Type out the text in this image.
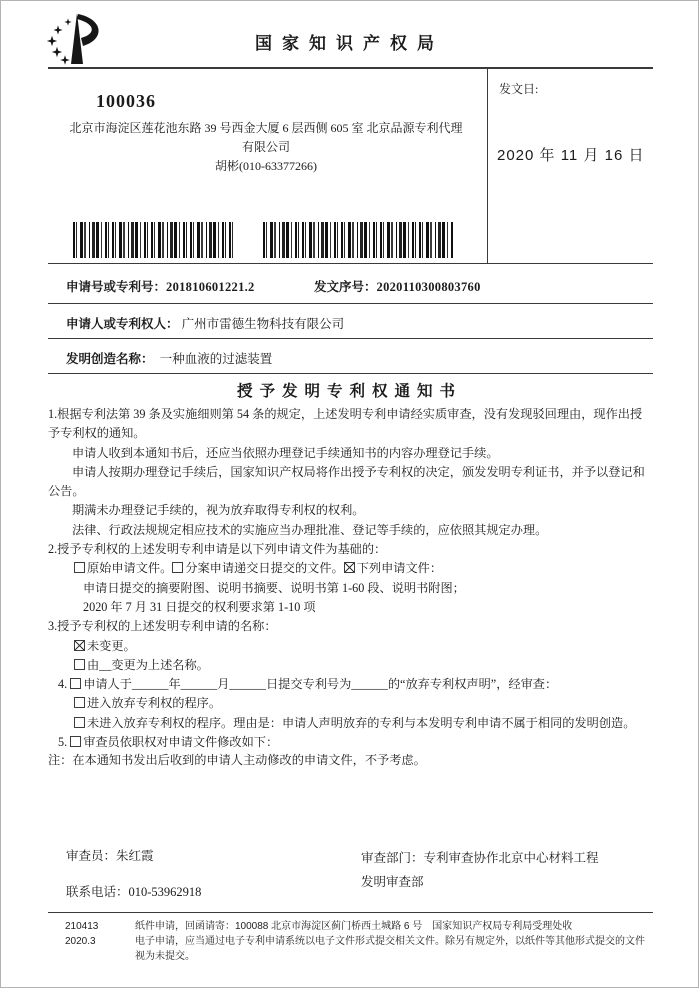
国家知识产权局
100036
北京市海淀区莲花池东路 39 号西金大厦 6 层西侧 605 室 北京品源专利代理有限公司
胡彬(010-63377266)
发文日:
2020 年 11 月 16 日
申请号或专利号：201810601221.2	发文序号：2020110300803760
申请人或专利权人： 广州市雷德生物科技有限公司
发明创造名称： 一种血液的过滤装置
授予发明专利权通知书
1.根据专利法第 39 条及实施细则第 54 条的规定，上述发明专利申请经实质审查，没有发现驳回理由，现作出授予专利权的通知。
申请人收到本通知书后，还应当依照办理登记手续通知书的内容办理登记手续。
申请人按期办理登记手续后，国家知识产权局将作出授予专利权的决定，颁发发明专利证书，并予以登记和公告。
期满未办理登记手续的，视为放弃取得专利权的权利。
法律、行政法规规定相应技术的实施应当办理批准、登记等手续的，应依照其规定办理。
2.授予专利权的上述发明专利申请是以下列申请文件为基础的：
原始申请文件。 分案申请递交日提交的文件。 下列申请文件：
申请日提交的摘要附图、说明书摘要、说明书第 1-60 段、说明书附图；
2020 年 7 月 31 日提交的权利要求第 1-10 项
3.授予专利权的上述发明专利申请的名称：
未变更。
由__变更为上述名称。
4. 申请人于______年______月______日提交专利号为______的“放弃专利权声明”，经审查：
进入放弃专利权的程序。
未进入放弃专利权的程序。理由是：申请人声明放弃的专利与本发明专利申请不属于相同的发明创造。
5. 审查员依职权对申请文件修改如下：
注：在本通知书发出后收到的申请人主动修改的申请文件，不予考虑。
审查员：朱红霞	审查部门：专利审查协作北京中心材料工程
发明审查部
联系电话：010-53962918
210413
2020.3
纸件申请，回函请寄：100088 北京市海淀区蓟门桥西土城路 6 号　国家知识产权局专利局受理处收
电子申请，应当通过电子专利申请系统以电子文件形式提交相关文件。除另有规定外，以纸件等其他形式提交的文件视为未提交。
